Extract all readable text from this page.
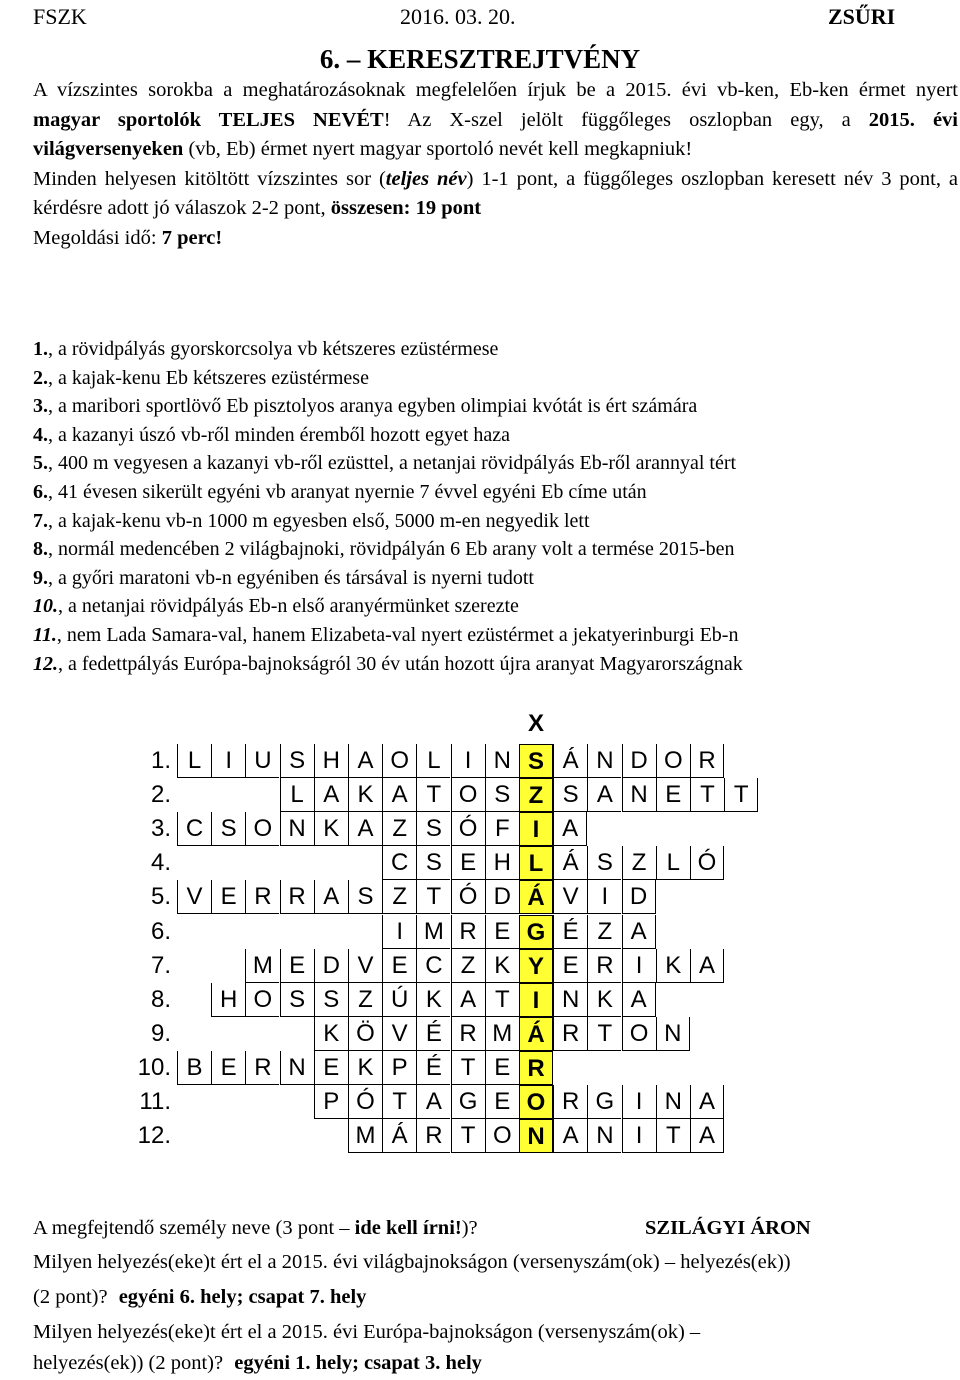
FSZK	2016. 03. 20.	ZSŰRI
6. – KERESZTREJTVÉNY

A vízszintes sorokba a meghatározásoknak megfelelően írjuk be a 2015. évi vb-ken, Eb-ken érmet nyert magyar sportolók TELJES NEVÉT! Az X-szel jelölt függőleges oszlopban egy, a 2015. évi világversenyeken (vb, Eb) érmet nyert magyar sportoló nevét kell megkapniuk!

Minden helyesen kitöltött vízszintes sor (teljes név) 1-1 pont, a függőleges oszlopban keresett név 3 pont, a kérdésre adott jó válaszok 2-2 pont, összesen: 19 pont

Megoldási idő: 7 perc!

1., a rövidpályás gyorskorcsolya vb kétszeres ezüstérmese
2., a kajak-kenu Eb kétszeres ezüstérmese
3., a maribori sportlövő Eb pisztolyos aranya egyben olimpiai kvótát is ért számára
4., a kazanyi úszó vb-ről minden éremből hozott egyet haza
5., 400 m vegyesen a kazanyi vb-ről ezüsttel, a netanjai rövidpályás Eb-ről arannyal tért
6., 41 évesen sikerült egyéni vb aranyat nyernie 7 évvel egyéni Eb címe után
7., a kajak-kenu vb-n 1000 m egyesben első, 5000 m-en negyedik lett
8., normál medencében 2 világbajnoki, rövidpályán 6 Eb arany volt a termése 2015-ben
9., a győri maratoni vb-n egyéniben és társával is nyerni tudott
10., a netanjai rövidpályás Eb-n első aranyérmünket szerezte
11., nem Lada Samara-val, hanem Elizabeta-val nyert ezüstérmet a jekatyerinburgi Eb-n
12., a fedettpályás Európa-bajnokságról 30 év után hozott újra aranyat Magyarországnak
X
1. L	I U S H A O L	I N S Á N D O R
2.	L A K A T O S Z S A N E T T
3. C S O N K A Z S Ó F I A
4.	C S E H L Á S Z L Ó
5. V E R R A S Z T Ó D Á V I D
6.	I M R E G É Z A
7.	M E D V E C Z K Y E R I K A
8.	H O S S Z Ú K A T I N K A
9.	K Ö V É R M Á R T O N
10. B E R N E K P É T E R
11.	P Ó T A G E O R G I N A
12.	M Á R T O N A N I T A
A megfejtendő személy neve (3 pont – ide kell írni!)?	SZILÁGYI ÁRON
Milyen helyezés(eke)t ért el a 2015. évi világbajnokságon (versenyszám(ok) – helyezés(ek))
(2 pont)? egyéni 6. hely; csapat 7. hely
Milyen helyezés(eke)t ért el a 2015. évi Európa-bajnokságon (versenyszám(ok) –
helyezés(ek)) (2 pont)? egyéni 1. hely; csapat 3. hely
